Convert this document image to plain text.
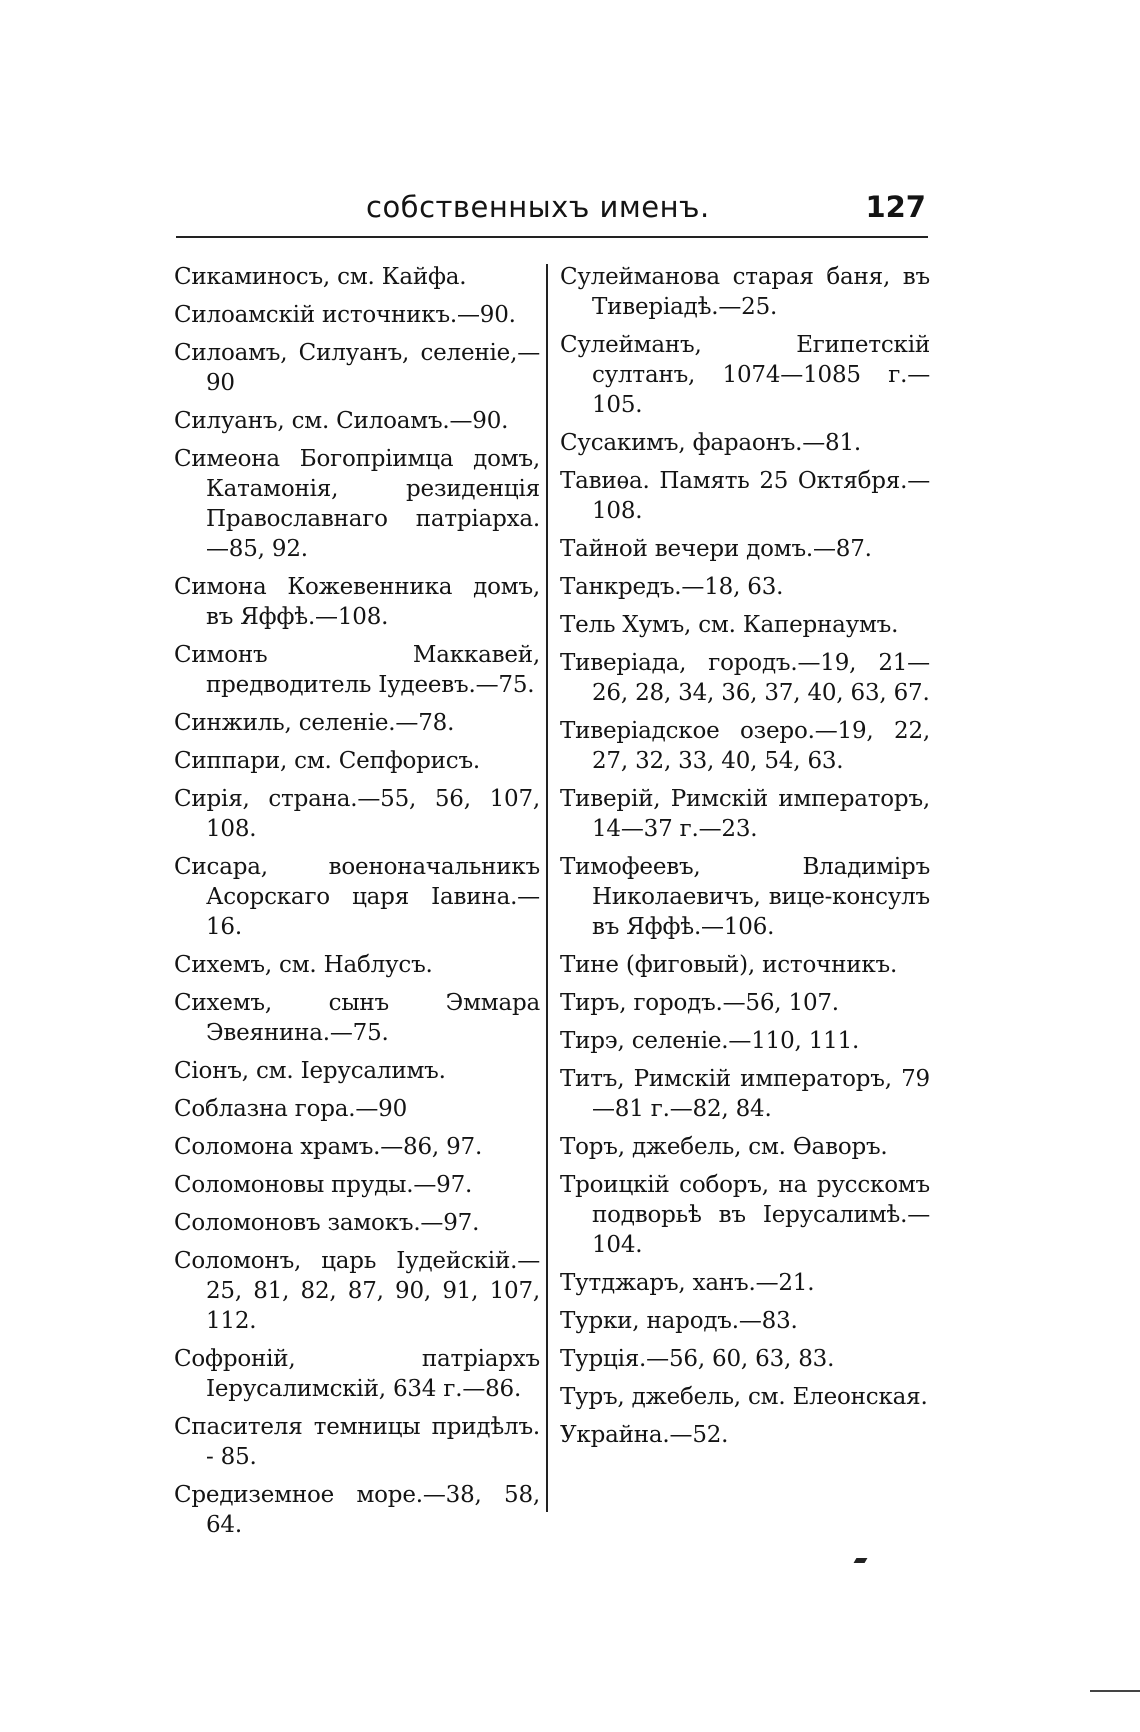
собственныхъ именъ.	127
Сикаминосъ, см. Кайфа.
Силоамскій источникъ.—90.
Силоамъ, Силуанъ, селеніе,— 90
Силуанъ, см. Силоамъ.—90.
Симеона Богопріимца домъ, Катамонія, резиденція Православнаго патріарха.—85, 92.
Симона Кожевенника домъ, въ Яффѣ.—108.
Симонъ Маккавей, предводитель Іудеевъ.—75.
Синжиль, селеніе.—78.
Сиппари, см. Сепфорисъ.
Сирія, страна.—55, 56, 107, 108.
Сисара, военоначальникъ Асорскаго царя Іавина.—16.
Сихемъ, см. Наблусъ.
Сихемъ, сынъ Эммара Эвеянина.—75.
Сіонъ, см. Іерусалимъ.
Соблазна гора.—90
Соломона храмъ.—86, 97.
Соломоновы пруды.—97.
Соломоновъ замокъ.—97.
Соломонъ, царь Іудейскій.— 25, 81, 82, 87, 90, 91, 107, 112.
Софроній, патріархъ Іерусалимскій, 634 г.—86.
Спасителя темницы придѣлъ. - 85.
Средиземное море.—38, 58, 64.
Сулеймановa старая баня, въ Тиверіадѣ.—25.
Сулейманъ, Египетскій султанъ, 1074—1085 г.—105.
Сусакимъ, фараонъ.—81.
Тавиѳа. Память 25 Октября.— 108.
Тайной вечери домъ.—87.
Танкредъ.—18, 63.
Тель Хумъ, см. Капернаумъ.
Тиверіада, городъ.—19, 21— 26, 28, 34, 36, 37, 40, 63, 67.
Тиверіадское озеро.—19, 22, 27, 32, 33, 40, 54, 63.
Тиверій, Римскій императоръ, 14—37 г.—23.
Тимофеевъ, Владиміръ Николаевичъ, вице-консулъ въ Яффѣ.—106.
Тине (фиговый), источникъ.
Тиръ, городъ.—56, 107.
Тирэ, селеніе.—110, 111.
Титъ, Римскій императоръ, 79—81 г.—82, 84.
Торъ, джебель, см. Ѳаворъ.
Троицкій соборъ, на русскомъ подворьѣ въ Іерусалимѣ.— 104.
Тутджаръ, ханъ.—21.
Турки, народъ.—83.
Турція.—56, 60, 63, 83.
Туръ, джебель, см. Елеонская.
Украйна.—52.
